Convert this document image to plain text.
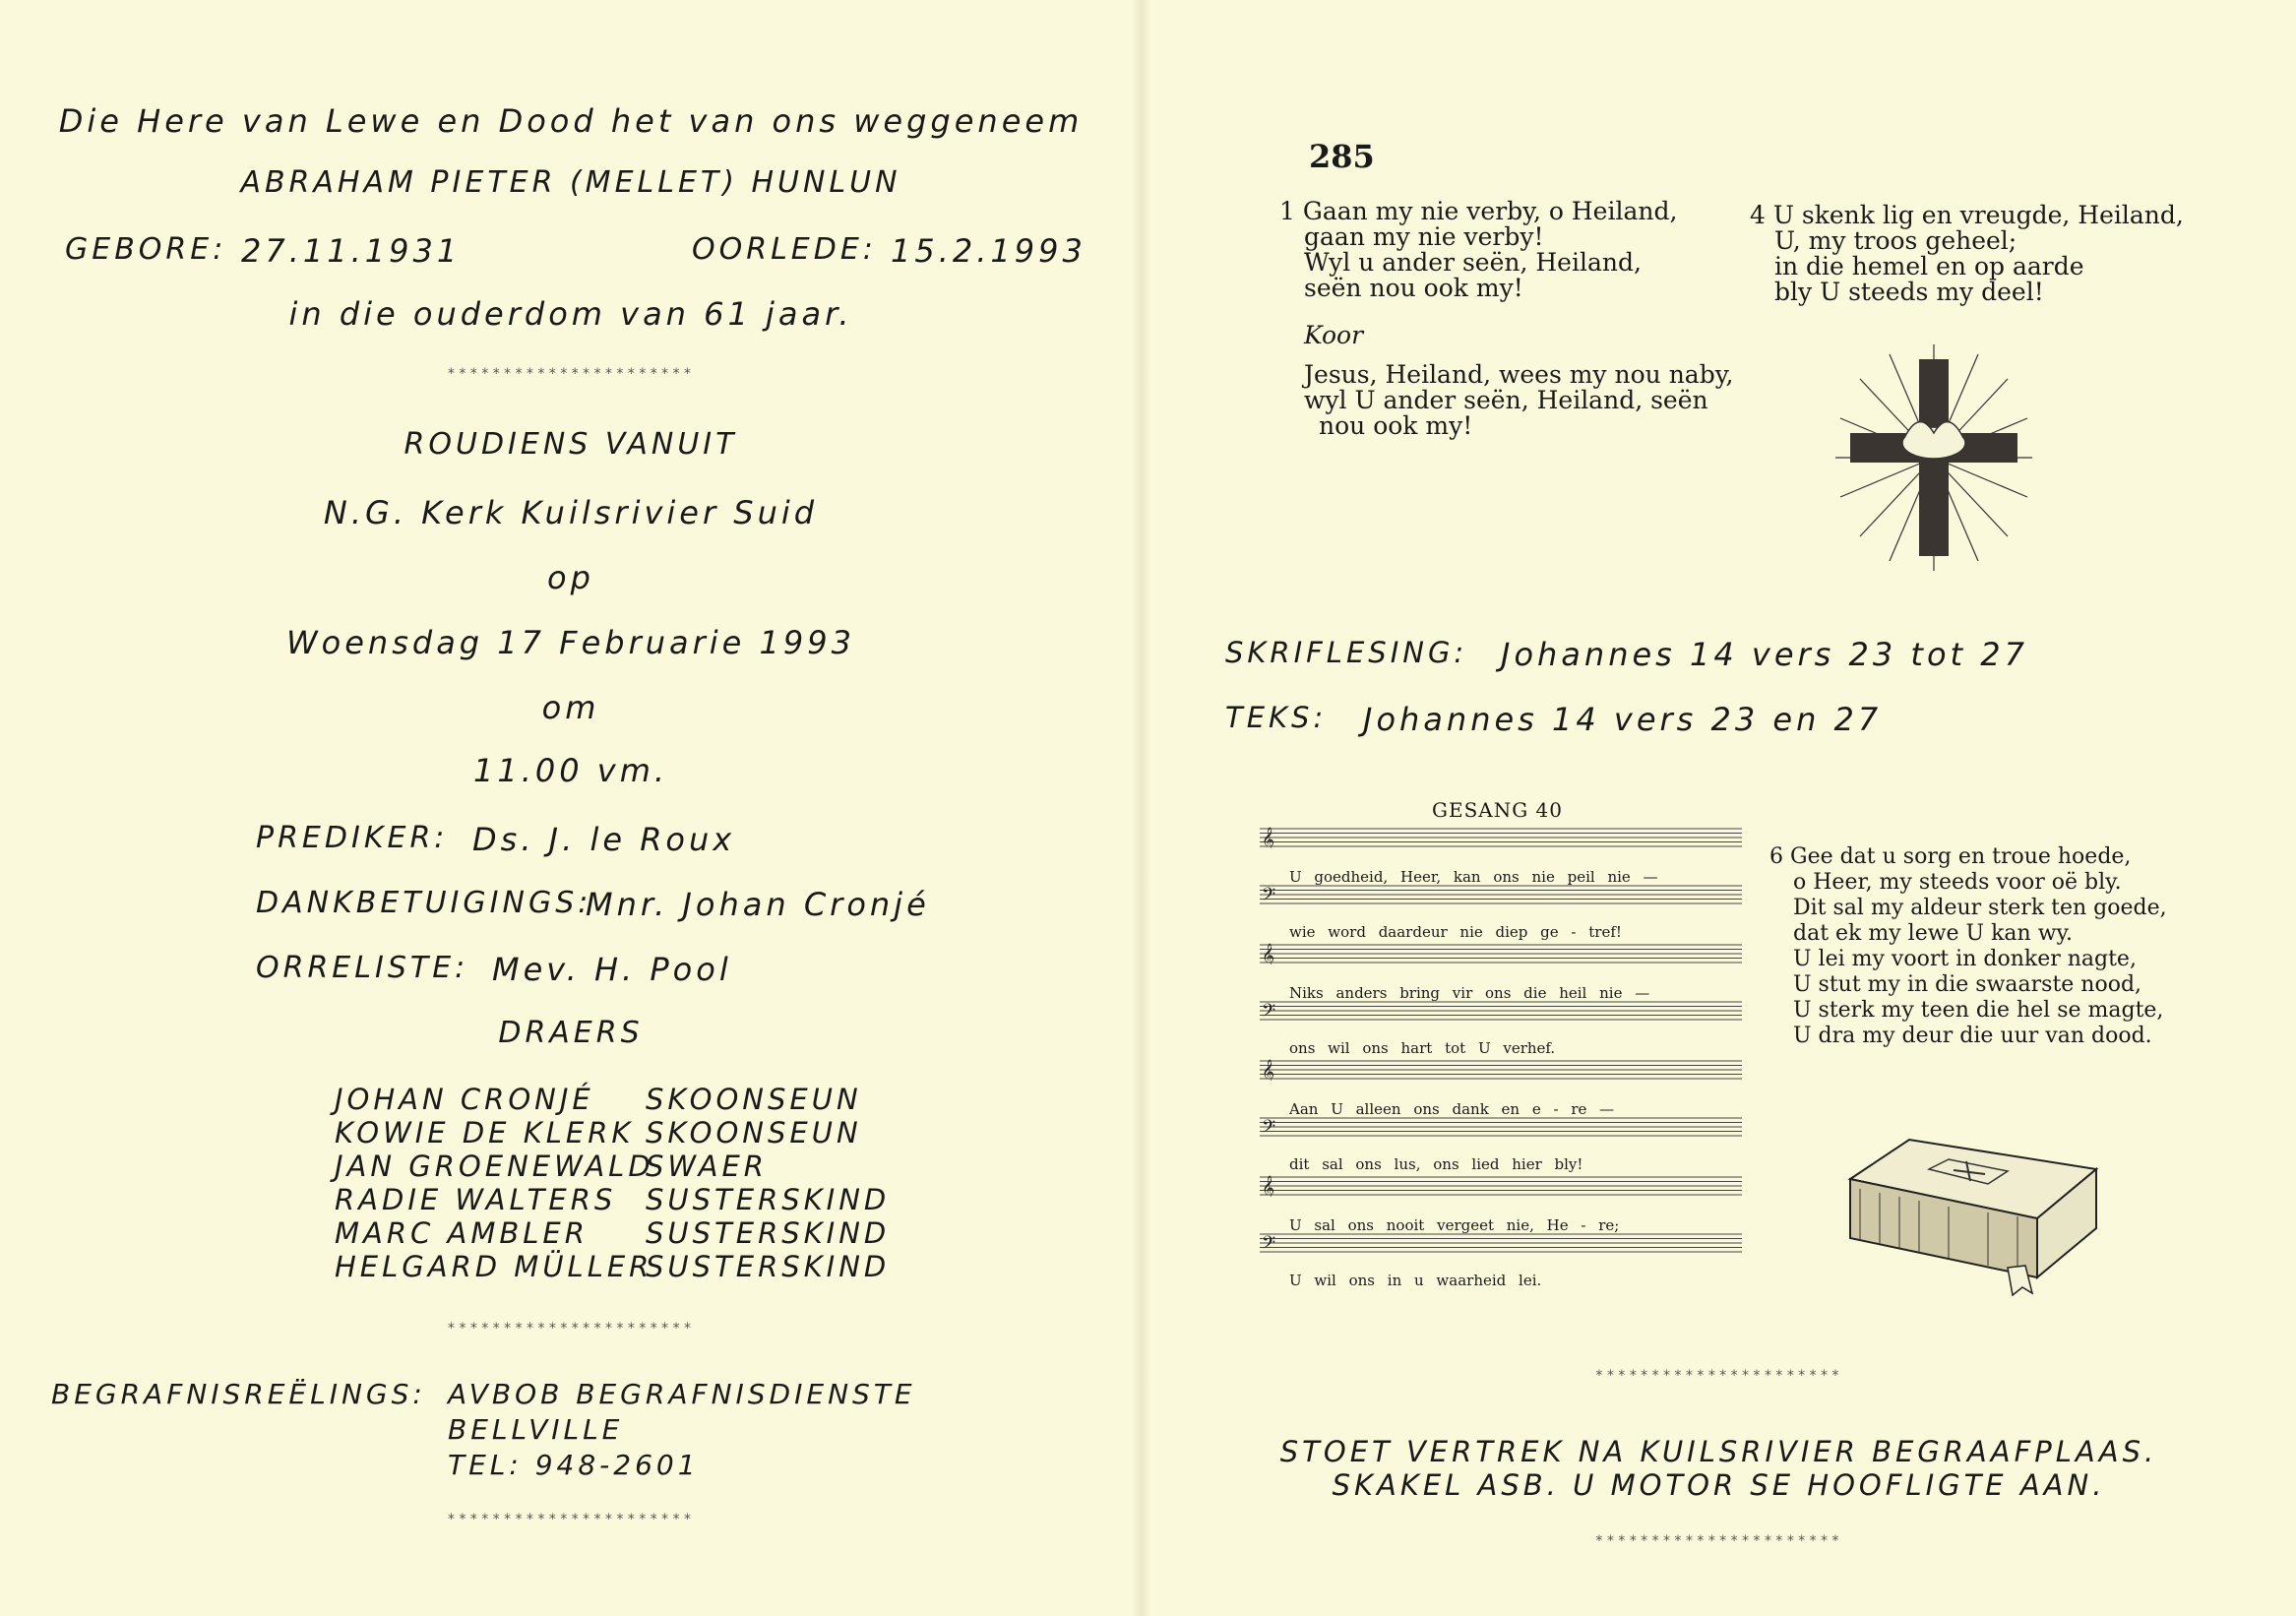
Die Here van Lewe en Dood het van ons weggeneem
ABRAHAM PIETER (MELLET) HUNLUN
GEBORE: 27.11.1931	OORLEDE: 15.2.1993
in die ouderdom van 61 jaar.
**********************
ROUDIENS VANUIT
N.G. Kerk Kuilsrivier Suid
op
Woensdag 17 Februarie 1993
om
11.00 vm.
PREDIKER: Ds. J. le Roux
DANKBETUIGINGS:
Mnr. Johan Cronjé
ORRELISTE: Mev. H. Pool
DRAERS
JOHAN CRONJÉ SKOONSEUN
KOWIE DE KLERK SKOONSEUN
JAN GROENEWALD
SWAER
RADIE WALTERS SUSTERSKIND
MARC AMBLER SUSTERSKIND
HELGARD MÜLLER
SUSTERSKIND
**********************
BEGRAFNISREËLINGS: AVBOB BEGRAFNISDIENSTE
BELLVILLE
TEL: 948-2601
**********************
285
1 Gaan my nie verby, o Heiland,
gaan my nie verby!
Wyl u ander seën, Heiland,
seën nou ook my!
Koor
Jesus, Heiland, wees my nou naby,
wyl U ander seën, Heiland, seën
nou ook my!
4 U skenk lig en vreugde, Heiland,
U, my troos geheel;
in die hemel en op aarde
bly U steeds my deel!
SKRIFLESING: Johannes 14 vers 23 tot 27
TEKS: Johannes 14 vers 23 en 27
GESANG 40
𝄞
U goedheid, Heer, kan ons nie peil nie —
𝄢
wie word daardeur nie diep ge - tref!
𝄞
Niks anders bring vir ons die heil nie —
𝄢
ons wil ons hart tot U verhef.
𝄞
Aan U alleen ons dank en e - re —
𝄢
dit sal ons lus, ons lied hier bly!
𝄞
U sal ons nooit vergeet nie, He - re;
𝄢
U wil ons in u waarheid lei.
6 Gee dat u sorg en troue hoede,
o Heer, my steeds voor oë bly.
Dit sal my aldeur sterk ten goede,
dat ek my lewe U kan wy.
U lei my voort in donker nagte,
U stut my in die swaarste nood,
U sterk my teen die hel se magte,
U dra my deur die uur van dood.
**********************
STOET VERTREK NA KUILSRIVIER BEGRAAFPLAAS.
SKAKEL ASB. U MOTOR SE HOOFLIGTE AAN.
**********************
